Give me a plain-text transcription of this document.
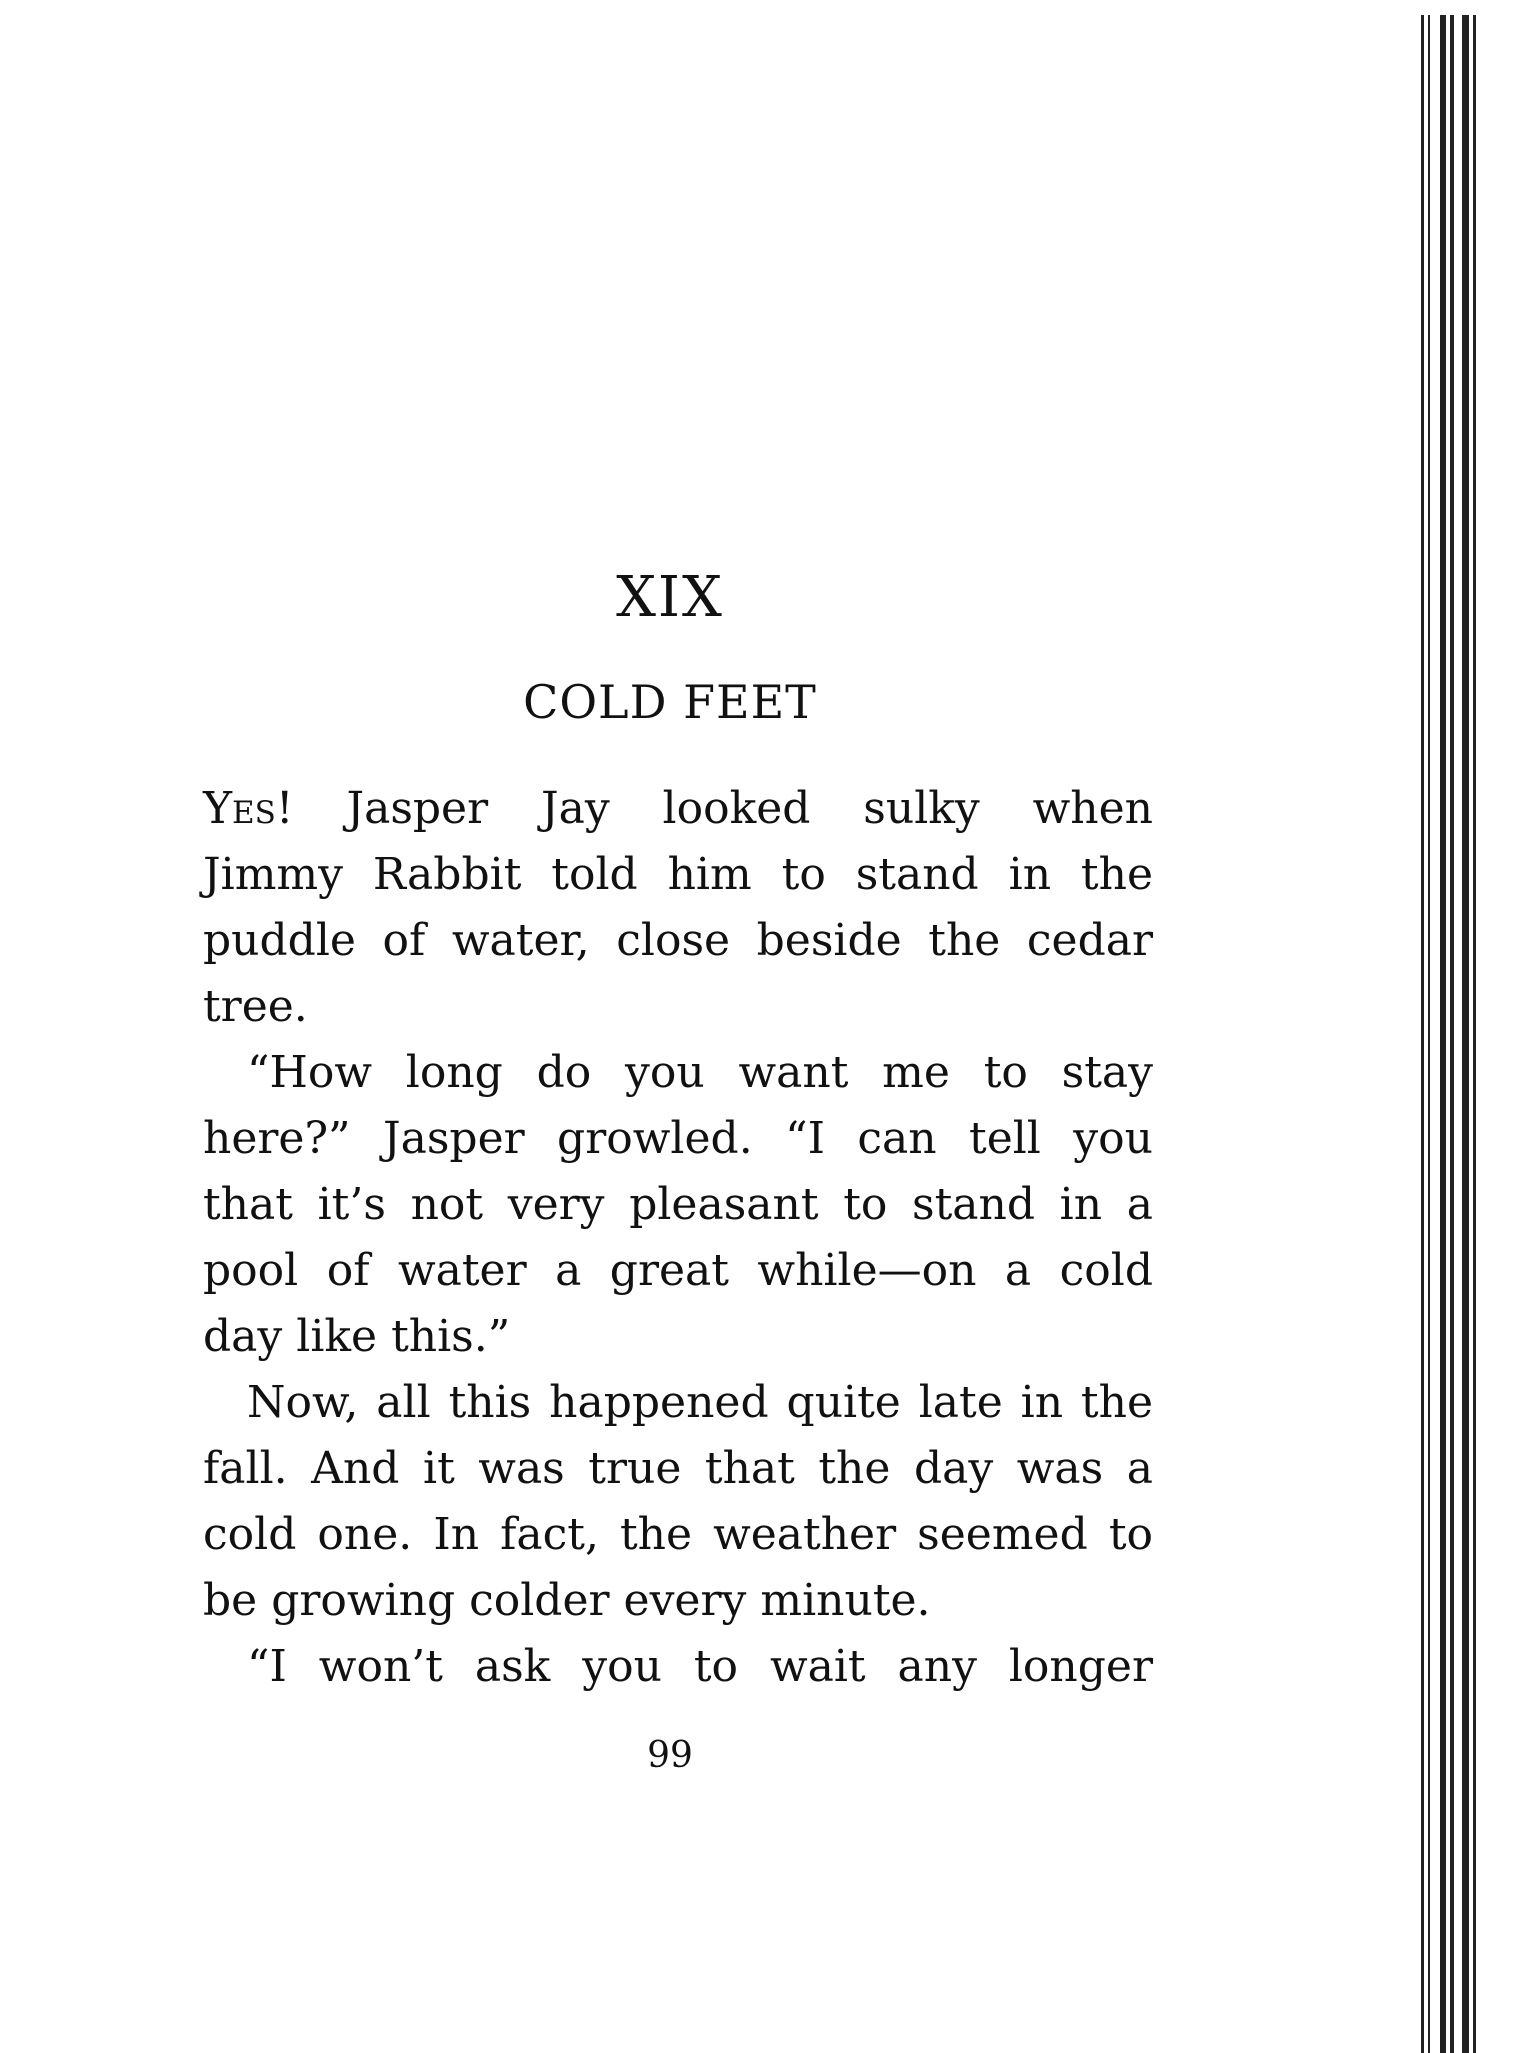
XIX
COLD FEET
Yes! Jasper Jay looked sulky when
Jimmy Rabbit told him to stand in the
puddle of water, close beside the cedar
tree.
“How long do you want me to stay
here?” Jasper growled. “I can tell you
that it’s not very pleasant to stand in a
pool of water a great while—on a cold
day like this.”
Now, all this happened quite late in the
fall. And it was true that the day was a
cold one. In fact, the weather seemed to
be growing colder every minute.
“I won’t ask you to wait any longer
99
